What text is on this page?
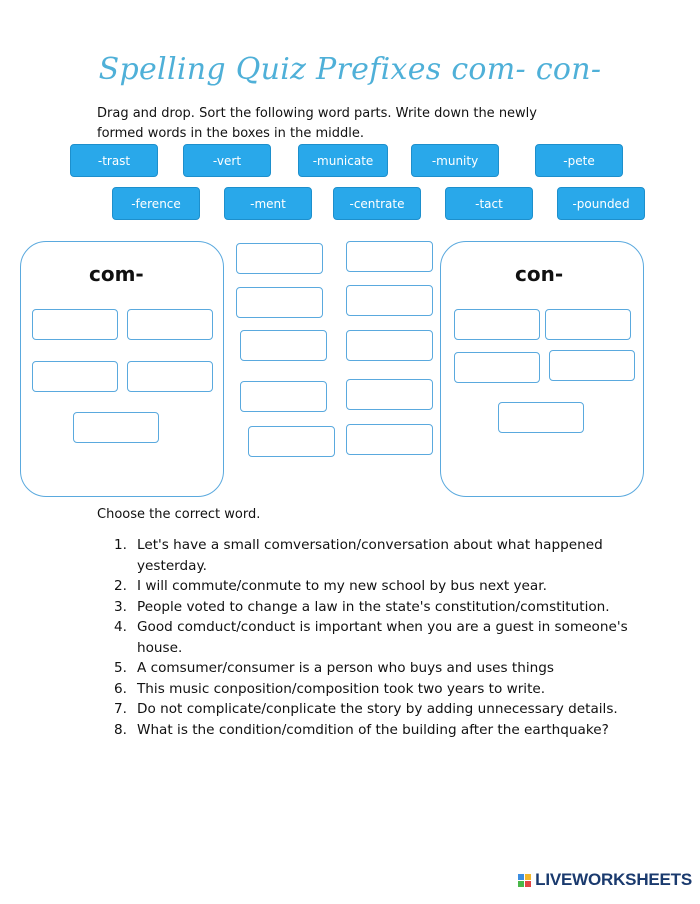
Spelling Quiz Prefixes com- con-
Drag and drop. Sort the following word parts. Write down the newly
formed words in the boxes in the middle.
-trast	-vert	-municate	-munity	-pete
-ference	-ment	-centrate	-tact	-pounded
com-	con-
Choose the correct word.
1. Let's have a small comversation/conversation about what happened yesterday.
2. I will commute/conmute to my new school by bus next year.
3. People voted to change a law in the state's constitution/comstitution.
4. Good comduct/conduct is important when you are a guest in someone's house.
5. A comsumer/consumer is a person who buys and uses things
6. This music conposition/composition took two years to write.
7. Do not complicate/conplicate the story by adding unnecessary details.
8. What is the condition/comdition of the building after the earthquake?
LIVEWORKSHEETS
